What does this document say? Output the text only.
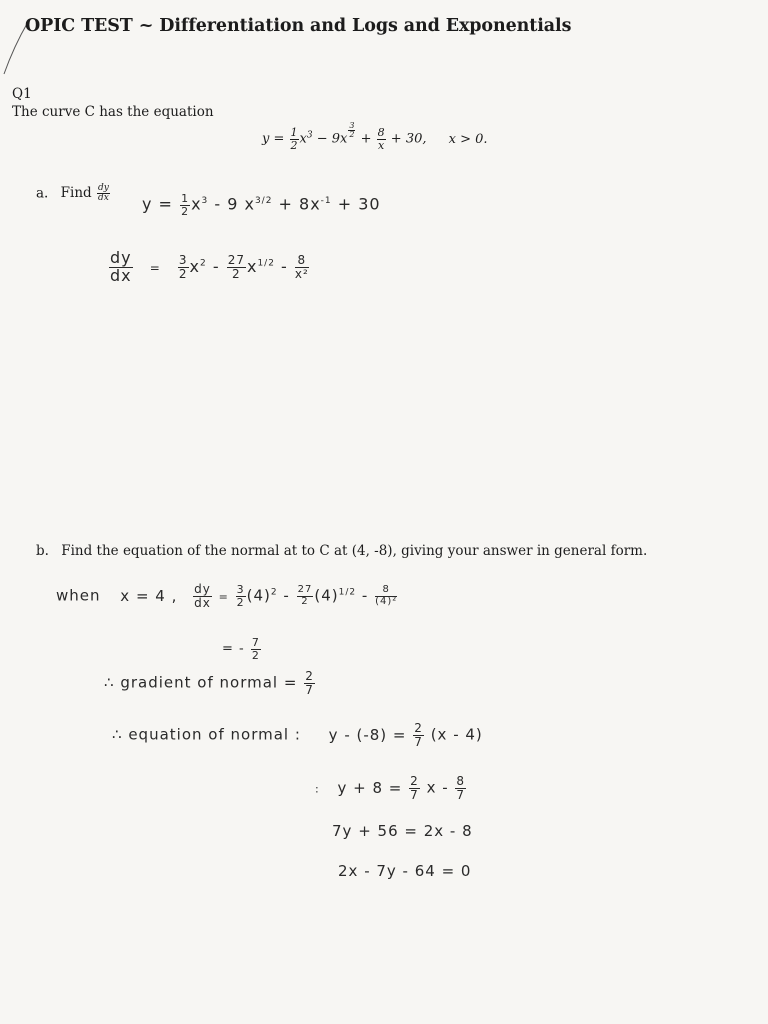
OPIC TEST ~ Differentiation and Logs and Exponentials
Q1
The curve C has the equation
$y = \frac{1}{2} x^3 - 9x \frac{3}{2} + \frac{8}{x} + 30$, x > 0.
a. Find $\frac{dy}{dx}$
$y = \frac{1}{2} x^3 - 9$ $x^{3/2} + 8x^{-1} + 30$
$\frac{dy}{dx} = \frac{3}{2} x^2 - \frac{27}{2} x^{1/2} - \frac{8}{\text{x²}}$
b. Find the equation of the normal at to C at (4, -8), giving your answer in general form.
when x = 4 , $\frac{dy}{dx} = \frac{3}{2} (4)^2 - \frac{27}{2} (4)^{1/2} - \frac{8}{\text{(4)²}}$
= - $\frac{7}{2}$
∴ gradient of normal = $\frac{2}{7}$
∴ equation of normal : $y - (-8) = \frac{2}{7} (x - 4)$
: $y + 8 = \frac{2}{7}$ x - $\frac{8}{7}$
7y + 56 = 2x - 8
2x - 7y - 64 = 0
